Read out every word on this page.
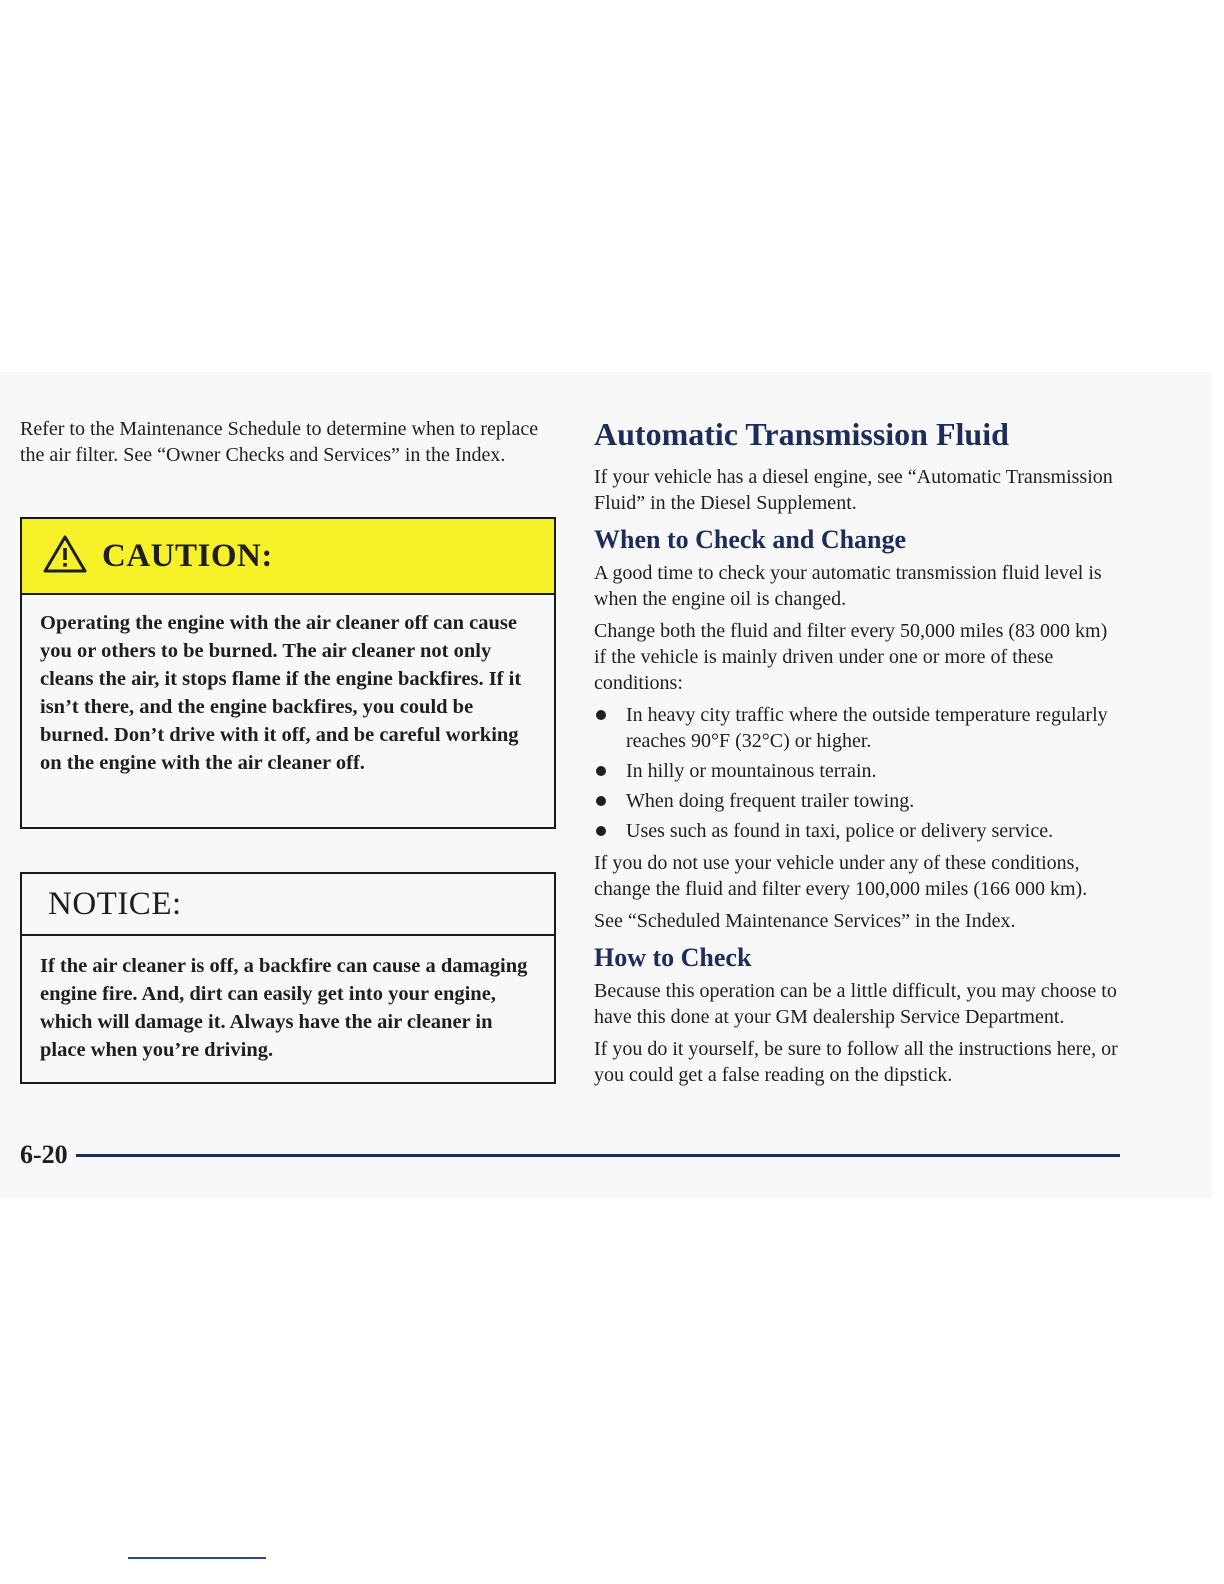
Refer to the Maintenance Schedule to determine when to replace the air filter. See “Owner Checks and Services” in the Index.

CAUTION:
Operating the engine with the air cleaner off can cause you or others to be burned. The air cleaner not only cleans the air, it stops flame if the engine backfires. If it isn’t there, and the engine backfires, you could be burned. Don’t drive with it off, and be careful working on the engine with the air cleaner off.
NOTICE:
If the air cleaner is off, a backfire can cause a damaging engine fire. And, dirt can easily get into your engine, which will damage it. Always have the air cleaner in place when you’re driving.
Automatic Transmission Fluid

If your vehicle has a diesel engine, see “Automatic Transmission Fluid” in the Diesel Supplement.

When to Check and Change

A good time to check your automatic transmission fluid level is when the engine oil is changed.

Change both the fluid and filter every 50,000 miles (83 000 km) if the vehicle is mainly driven under one or more of these conditions:

In heavy city traffic where the outside temperature regularly reaches 90°F (32°C) or higher.
In hilly or mountainous terrain.
When doing frequent trailer towing.
Uses such as found in taxi, police or delivery service.

If you do not use your vehicle under any of these conditions, change the fluid and filter every 100,000 miles (166 000 km).

See “Scheduled Maintenance Services” in the Index.

How to Check

Because this operation can be a little difficult, you may choose to have this done at your GM dealership Service Department.

If you do it yourself, be sure to follow all the instructions here, or you could get a false reading on the dipstick.

6-20
